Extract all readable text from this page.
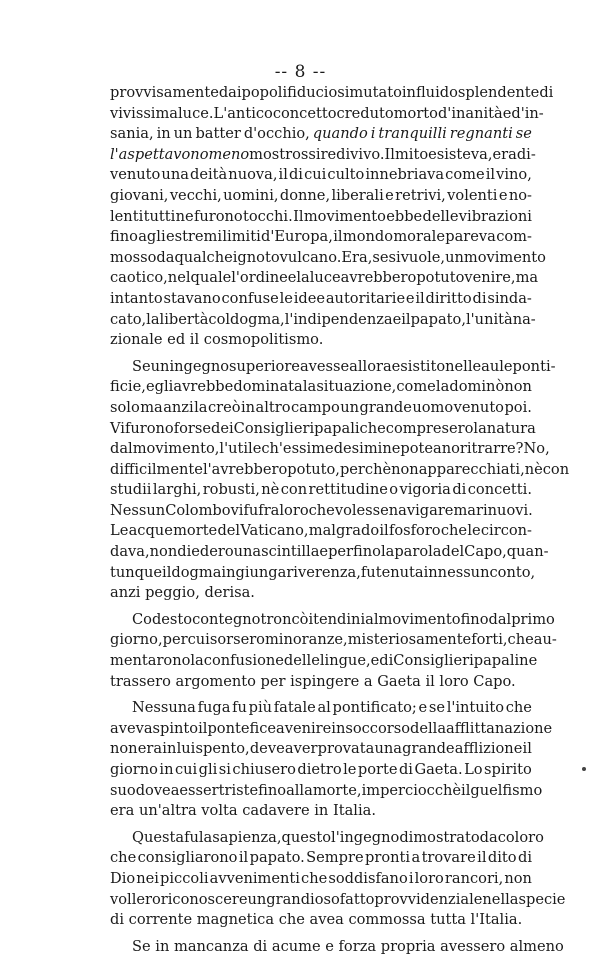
-- 8 --
provvisamente dai popoli fiduciosi mutato in fluido splendente di
vivissima luce. L'antico concetto creduto morto d'inanità e d'in-
sania, in un batter d'occhio, quando i tranquilli regnanti se
l'aspettavono meno mostrossi redivivo. Il mito esisteva, era di-
venuto una deità nuova, il di cui culto innebriava come il vino,
giovani, vecchi, uomini, donne, liberali e retrivi, volenti e no-
lenti tutti ne furono tocchi. Il movimento ebbe delle vibrazioni
fino agli estremi limiti d'Europa, il mondo morale pareva com-
mosso da qualche ignoto vulcano. Era, se si vuole, un movimento
caotico, nel quale l'ordine e la luce avrebbero potuto venire, ma
intanto stavano confuse le idee autoritarie e il diritto di sinda-
cato, la libertà col dogma, l'indipendenza e il papato, l'unità na-
zionale ed il cosmopolitismo.
Se un ingegno superiore avesse allora esistito nelle aule ponti-
ficie, egli avrebbe dominata la situazione, come la dominò non
solo ma anzi la creò in altro campo un grande uomo venuto poi.
Vi furono forse dei Consiglieri papali che compresero la natura
dal movimento, l'utile ch'essi medesimi ne poteano ritrarre? No,
difficilmente l'avrebbero potuto, perchè non apparecchiati, nè con
studii larghi, robusti, nè con rettitudine o vigoria di concetti.
Nessun Colombo vi fu fra loro che volesse navigare mari nuovi.
Le acque morte del Vaticano, malgrado il fosforo che le circon-
dava, non diedero una scintilla e perfino la parola del Capo, quan-
tunque il dogma ingiunga riverenza, fu tenuta in nessun conto,
anzi peggio, derisa.
Codesto contegno troncò i tendini al movimento fino dal primo
giorno, per cui sorsero minoranze, misteriosamente forti, che au-
mentarono la confusione delle lingue, ed i Consiglieri papali ne
trassero argomento per ispingere a Gaeta il loro Capo.
Nessuna fuga fu più fatale al pontificato; e se l'intuito che
aveva spinto il pontefice a venire in soccorso della afflitta nazione
non era in lui spento, deve aver provata una grande afflizione il
giorno in cui gli si chiusero dietro le porte di Gaeta. Lo spirito
suo dovea esser triste fino alla morte, imperciocchè il guelfismo
era un'altra volta cadavere in Italia.
Questa fu la sapienza, questo l'ingegno dimostrato da coloro
che consigliarono il papato. Sempre pronti a trovare il dito di
Dio nei piccoli avvenimenti che soddisfano i loro rancori, non
vollero riconoscere un grandioso fatto provvidenziale nella specie
di corrente magnetica che avea commossa tutta l'Italia.
Se in mancanza di acume e forza propria avessero almeno
